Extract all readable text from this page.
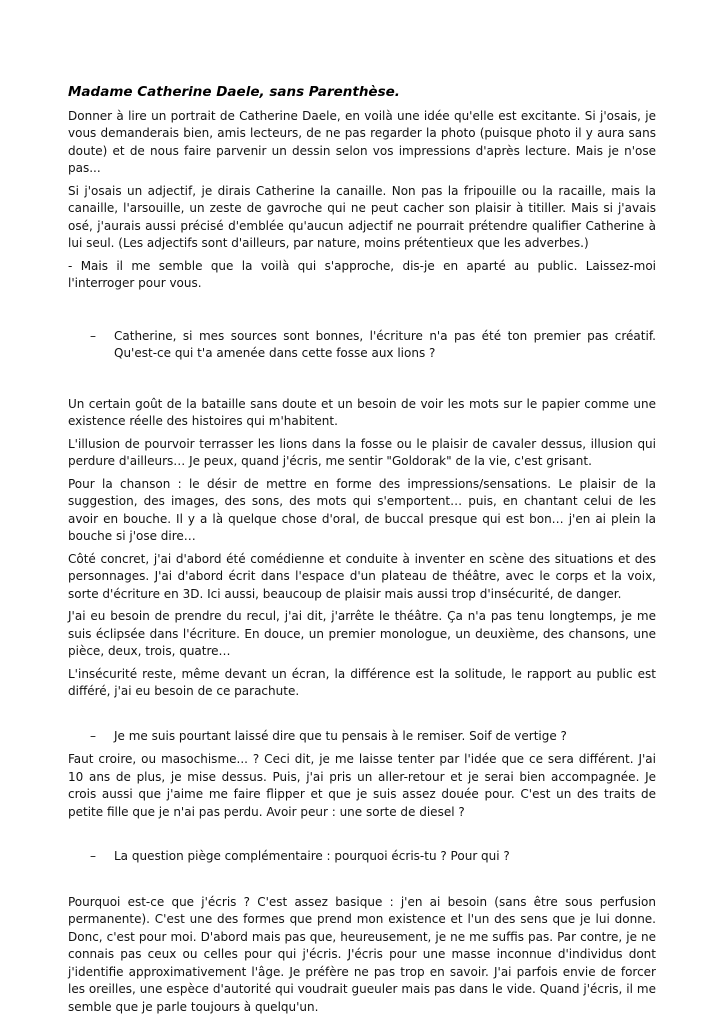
Madame Catherine Daele, sans Parenthèse.

Donner à lire un portrait de Catherine Daele, en voilà une idée qu'elle est excitante. Si j'osais, je vous demanderais bien, amis lecteurs, de ne pas regarder la photo (puisque photo il y aura sans doute) et de nous faire parvenir un dessin selon vos impressions d'après lecture. Mais je n'ose pas...

Si j'osais un adjectif, je dirais Catherine la canaille. Non pas la fripouille ou la racaille, mais la canaille, l'arsouille, un zeste de gavroche qui ne peut cacher son plaisir à titiller. Mais si j'avais osé, j'aurais aussi précisé d'emblée qu'aucun adjectif ne pourrait prétendre qualifier Catherine à lui seul. (Les adjectifs sont d'ailleurs, par nature, moins prétentieux que les adverbes.)

- Mais il me semble que la voilà qui s'approche, dis-je en aparté au public. Laissez-moi l'interroger pour vous.

–	Catherine, si mes sources sont bonnes, l'écriture n'a pas été ton premier pas créatif. Qu'est-ce qui t'a amenée dans cette fosse aux lions ?

Un certain goût de la bataille sans doute et un besoin de voir les mots sur le papier comme une existence réelle des histoires qui m'habitent.

L'illusion de pourvoir terrasser les lions dans la fosse ou le plaisir de cavaler dessus, illusion qui perdure d'ailleurs… Je peux, quand j'écris, me sentir "Goldorak" de la vie, c'est grisant.

Pour la chanson : le désir de mettre en forme des impressions/sensations. Le plaisir de la suggestion, des images, des sons, des mots qui s'emportent… puis, en chantant celui de les avoir en bouche. Il y a là quelque chose d'oral, de buccal presque qui est bon… j'en ai plein la bouche si j'ose dire…

Côté concret, j'ai d'abord été comédienne et conduite à inventer en scène des situations et des personnages. J'ai d'abord écrit dans l'espace d'un plateau de théâtre, avec le corps et la voix, sorte d'écriture en 3D. Ici aussi, beaucoup de plaisir mais aussi trop d'insécurité, de danger.

J'ai eu besoin de prendre du recul, j'ai dit, j'arrête le théâtre. Ça n'a pas tenu longtemps, je me suis éclipsée dans l'écriture. En douce, un premier monologue, un deuxième, des chansons, une pièce, deux, trois, quatre…

L'insécurité reste, même devant un écran, la différence est la solitude, le rapport au public est différé, j'ai eu besoin de ce parachute.

–	Je me suis pourtant laissé dire que tu pensais à le remiser. Soif de vertige ?

Faut croire, ou masochisme... ? Ceci dit, je me laisse tenter par l'idée que ce sera différent. J'ai 10 ans de plus, je mise dessus. Puis, j'ai pris un aller-retour et je serai bien accompagnée. Je crois aussi que j'aime me faire flipper et que je suis assez douée pour. C'est un des traits de petite fille que je n'ai pas perdu. Avoir peur : une sorte de diesel ?

–	La question piège complémentaire : pourquoi écris-tu ? Pour qui ?

Pourquoi est-ce que j'écris ? C'est assez basique : j'en ai besoin (sans être sous perfusion permanente). C'est une des formes que prend mon existence et l'un des sens que je lui donne. Donc, c'est pour moi. D'abord mais pas que, heureusement, je ne me suffis pas. Par contre, je ne connais pas ceux ou celles pour qui j'écris. J'écris pour une masse inconnue d'individus dont j'identifie approximativement l'âge. Je préfère ne pas trop en savoir. J'ai parfois envie de forcer les oreilles, une espèce d'autorité qui voudrait gueuler mais pas dans le vide. Quand j'écris, il me semble que je parle toujours à quelqu'un.
